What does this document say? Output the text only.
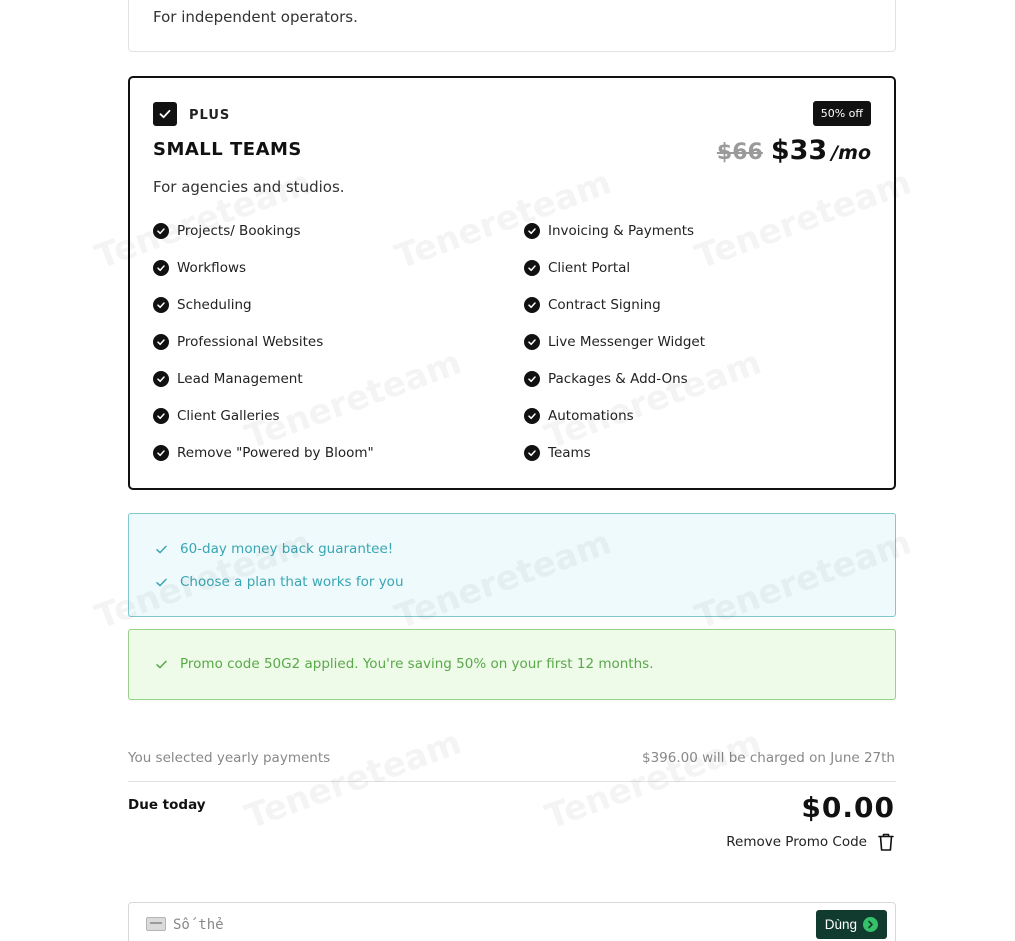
For independent operators.
PLUS	50% off
SMALL TEAMS	$66 $33 /mo
For agencies and studios.
Projects/ Bookings
Workflows
Scheduling
Professional Websites
Lead Management
Client Galleries
Remove "Powered by Bloom"
Invoicing & Payments
Client Portal
Contract Signing
Live Messenger Widget
Packages & Add-Ons
Automations
Teams
60-day money back guarantee!
Choose a plan that works for you
Promo code 50G2 applied. You're saving 50% on your first 12 months.
You selected yearly payments	$396.00 will be charged on June 27th
Due today	$0.00
Remove Promo Code
Số thẻ
Dùng
